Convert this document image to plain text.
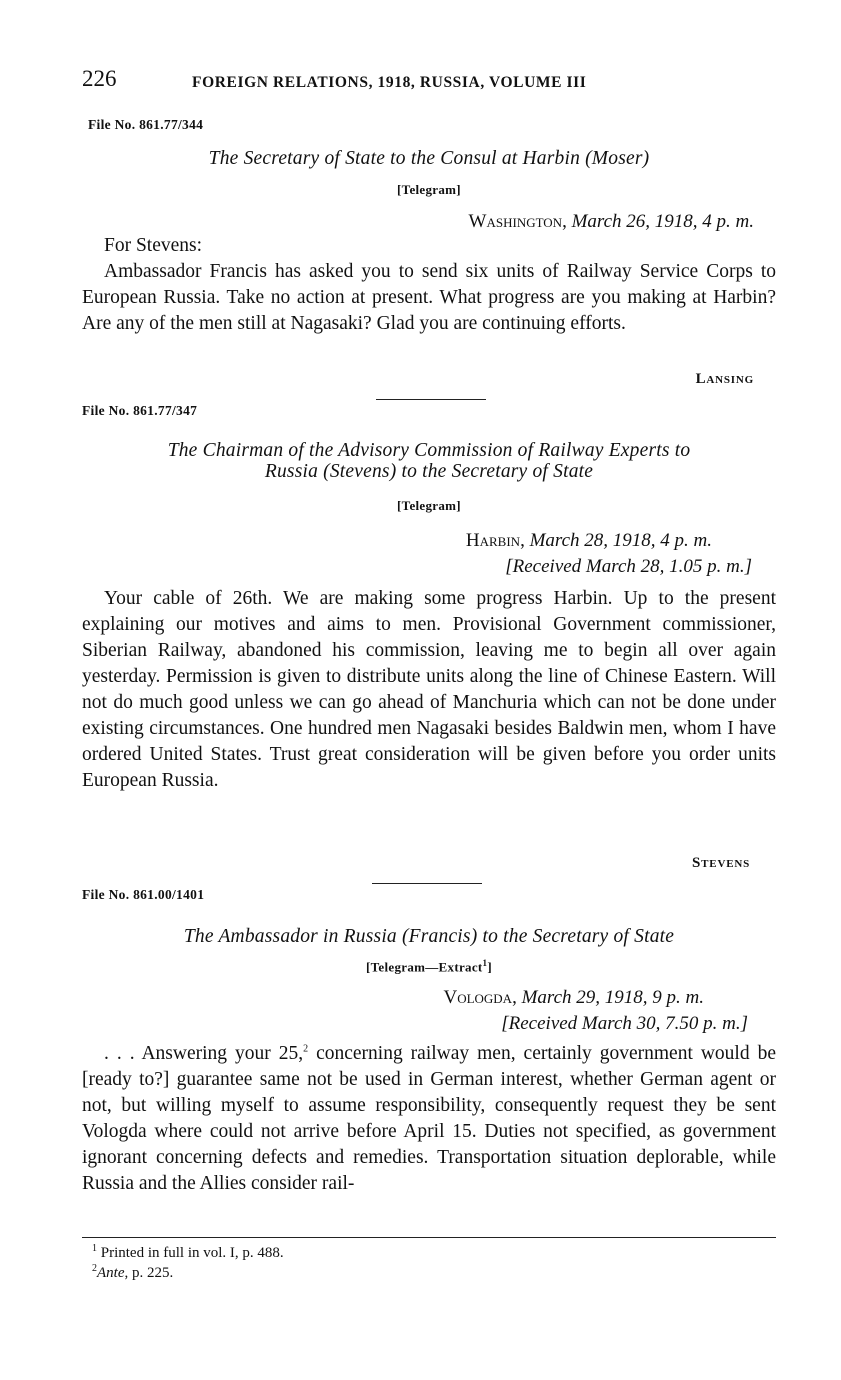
226	FOREIGN RELATIONS, 1918, RUSSIA, VOLUME III
File No. 861.77/344
The Secretary of State to the Consul at Harbin (Moser)
[Telegram]
Washington, March 26, 1918, 4 p. m.

For Stevens:

Ambassador Francis has asked you to send six units of Railway Service Corps to European Russia. Take no action at present. What progress are you making at Harbin? Are any of the men still at Nagasaki? Glad you are continuing efforts.

Lansing
File No. 861.77/347
The Chairman of the Advisory Commission of Railway Experts to
Russia (Stevens) to the Secretary of State
[Telegram]
Harbin, March 28, 1918, 4 p. m.
[Received March 28, 1.05 p. m.]

Your cable of 26th. We are making some progress Harbin. Up to the present explaining our motives and aims to men. Provisional Government commissioner, Siberian Railway, abandoned his commission, leaving me to begin all over again yesterday. Permission is given to distribute units along the line of Chinese Eastern. Will not do much good unless we can go ahead of Manchuria which can not be done under existing circumstances. One hundred men Nagasaki besides Baldwin men, whom I have ordered United States. Trust great consideration will be given before you order units European Russia.

Stevens
File No. 861.00/1401
The Ambassador in Russia (Francis) to the Secretary of State
[Telegram—Extract$^1$]
Vologda, March 29, 1918, 9 p. m.
[Received March 30, 7.50 p. m.]

. . . Answering your 25,$^2$ concerning railway men, certainly government would be [ready to?] guarantee same not be used in German interest, whether German agent or not, but willing myself to assume responsibility, consequently request they be sent Vologda where could not arrive before April 15. Duties not specified, as government ignorant concerning defects and remedies. Transportation situation deplorable, while Russia and the Allies consider rail-

$^1$ Printed in full in vol. I, p. 488.
$^2$Ante, p. 225.
